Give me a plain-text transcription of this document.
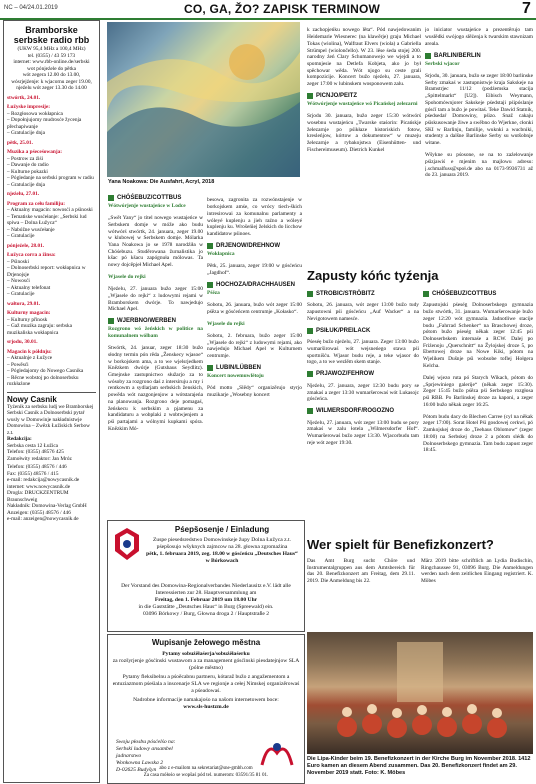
NC – 04/24.01.2019	CO, GA, ŽO? ZAPISK TERMINOW	7
Bramborske serbske radio rbb
(UKW 95,4 MHz a 100,4 MHz)
tel. (0355) / 43 59 173
internet: www.rbb-online.de/serbski
wot pónjeźele do pětka
wót zegera 12.00 do 13.00,
wósrjejźenje: k wjacornu zeger 19.00,
njeźelu wót zeger 13.30 do 14.00
stwórtk, 24.01.
Łužyske impresije:
– Rozgłosowa wokłapnica
– Dopołnjujomy mudrosće žycenja přechapiwanje
– Gratulacije dnja
pětk, 25.01.
Muzika a pśeceśowanja:
– Postrow za źiśi
– Dawanje do radio
– Kulturne pokazki
– Pógledanje na serbski program w radiu
– Gratulacije dnja
njeźelu, 27.01.
Program za cełu familiju:
– Aktualny magacin: nowosći a pśinoski
– Tematiske wusćełanje: „Serbski lud spiwa – Dolna Łužyca“
– Nabóžne wusćełanje
– Gratulacije
pónjeźele, 28.01.
Łužyca corra a žinsa:
– Pśinoski
– Dolnoserbski report: wokłapnica w Drjenojsje
– Nowosći
– Aktualny telefonat
– Gratulacije
wałtora, 29.01.
Kulturny magacin:
– Kulturny přinosk
– Gaž muzika zagraju: serbska muzikaliska wokłapnica
srjodu, 30.01.
Magacin k półdnju:
– Aktualnje z Łužyce
– Powěsći
– Pógledajomy do Nowego Casnika
– Rěcne wobstoj po dolnoserbsku rozkłaźone
Nowy Casnik
Tyźenik za serbsku ludj we Bramborskej
Serbski Casnik a Dolnoserbski pytaŕ
wusly w Domowinje nakładnistwje
Domowina – Zwězk Łužiskich Serbow z.t.
Redakcija:
Serbska cesta 12 Łužica
Telefon: (0355) 48576 425
Zamołwity redaktor: Jan Mróz
Telefon: (0355) 48576 / 446
Fax: (0355) 48576 / 415
e-mail: redakcija@nowycasnik.de
internet: www.nowycasnik.de
Drogla: DRUCKZENTRUM Braunschweig
Nakładnik: Domowina-Verlag GmbH
Anzeigen: (0355) 48576 / 446
e-mail: anzeigen@nowycasnik.de
Yana Noakowa: Die Ausfahrt, Acryl, 2018
CHÓŚEBUZ/COTTBUS
Wótwórjenje wustajeńce w Lodce

„Swět Yany“ jo titel nowego wustajeńce w Serbskem domje w móže ako budu wótwórś stwórtk, 24. januara, zeger 19.00 w klubowej w Serbskem domje. Mólarka Yana Noakowa jo se 1978 narodźiła w Chóśebuzu. Studěrowana žurnalistika jo kšac pó kšacu zapógnuła mólowas. Ta nowy dojcěpjeł Michael Apel.

Wjasele do rejki

Njeźelu, 27. januara bužo zeger 15:00 „Wjasele do rejki“ z ludowymi rejami w Bramborskem dwórje. To nawjedujo Michael Apel.

WJERBNO/WERBEN
Rozgrono wó žeńskich w politice na komunalnem wólbam

Stwórtk, 24. januar, zeger 18:30 bužo słodny termin pón rěda „Ženskecy wjasoe“ w borkojskem ama, a to we wjelsrjedkem Knězkem dwórje (Gutshaus Seydlitz). Gmejnske zastupnictwo słužarjo za to wósoby za rozgrono daś z intersiruju a my i rentkowm a sydlarjam serbskich ženskich, powěda wót nazgonjenjow a wótstarajeńa na planowanja. Rozgrono deje pomagaś, žeńskecu k serbskim a pjamenu za kandidaturu a wobplaki z wobtwjenjem a pśi partajami a wólnymi kupkami spóra. Knězkim Mó-

besowa, zagronita za rozwónstajenje w borkojskem amśe, co wrócy tiech-škich intresirowai za komunalnu parlamenty a wóleyé kuplenju a jieh raźno a wóleyé kuplenju ku. Wrošeńiej želskich do licchow kandidatow pśinoes.

DRJENOW/DREHNOW
Wokłapnica

Pětk, 25. januara, zeger 19:00 w gósćeńcu „Jagdhof“.

HOCHOZA/DRACHHAUSEN
Pśěza

Sobotu, 26. januara, bužo wót zeger 15:00 pśěza w gósćeńcem centrumje „Kołasko“.

Wjasele do rejki

Sobotu, 2. februara, bužo zeger 15:00 „Wjasele do rejki“ z ludowymi rejami, ako nawjedujo Michael Apel w Kulturnem centrumje.

LUBIN/LÜBBEN
Koncert nowemuwlětoju

Pód motto „Slědy“ organizěrujo styrjo muzikarje „Wosebny koncert

k zachopjeńku nowego lěta“. Pód nawjedowanim Heidemarie Wiesnerec (na klawěrje) graju Michael Tokas (wiolina), Walfraut Elvers (wiola) a Gabriella Strümpel (wiolončello). W 23. lěse śeda stojej 200. narodny źeń Clary Schumanowejo we wjejdi a to spomnjesie na Detlefa Kobjeta, ako jo był spěchowar wěda. Wót njogo su ceste grali kompozicije. Koncert bužo njeźelu, 27. januara, zeger 17:00 w lubinskem wosponowem zalu.

PICNJO/PEITZ
Wótwórjenje wustajeńce wó Picańskej zelezarni

Srjodu 30. januara, bužo zeger 15:30 wótwórś wosebnu wustajeńcu „Twarske staśorin: Picańskje železarnje po pśikłaze historiskich fotow, kresleńjow, kórtow a dokumentow“ w muzeju železarnje a rybakojstwa (Eisenhütten- und Fischereimuseum). Dietrich Kunkel

jo iniciator wustajeńce a prezentěrujo tam wuslědki swójogo slěźenja k twarskim stawnizam areala.

BARLIN/BERLIN
Serbski wjacor

Srjodu, 30. januara, bužo se zeger 18:00 barlinske Serby zmakaś w zastupnistwje kraja Sakskeje na Bramstrjec 11/12 (podźemska stacija „Spittelmarkt“ [U2]). Eibisch Weymann, Spohomównjorer Sakskeje pśedstaji pśipóslanje gósćí tam a bužo je powitaś. Teke Dawid Statnik, pśedsedaŕ Domowiny, pśizo. Snaž cakaju pśiskusowanje žiwe a swěbno do Wjerkne, cłonki SKI w Barlinju, familije, wuknki a wucbniki, studenty a dalšne Barlinske Serby su wutšobnje witane.

Wšykne su pśosone, se na to zaźelowanje pśizjawiś e mjenim na majlowu adresu: j.schmalfuss@społ.de abo na 0173-9936731 až do 23. januara 2019.

Zapusty kóńc tyźenja
STROBIC/STRÖBITZ

Sobotu, 26. januara, wót zeger 13:00 bužo tudy zapustowni pśi gósćeńcu „Auf Wacker“ a na Nevigotowem namesće.

PSIŁUK/PREILACK

Pśeséę bužo njeźelu, 27. januara. Zeger 13:00 bužo wumarširowaś wót wejsneńego stawa pśi sportnišću. Wjasor budu reje, a teke wjasor do togo, a to we wezlěm skem stanje.

PRJAWOZ/FEHROW

Njeźelu, 27. januara, zeger 12:30 budu pory se zmakaś a zeger 13:30 wumaršerowaś wót Lukasojc gósćeńca.

WILMERSDORF/ROGOZNO

Njeźelu, 27. januara, wót zeger 13:00 budu se pory zmakaś w zalu łotela „Wilmersdorfer Hof“. Wumaršerowaś bužo zeger 13:30. Wjacorbudu tam reje wót zeger 19:30.

CHÓŚEBUZ/COTTBUS

Zapustojski pśeség Dolnoserbskego gymnazia bužo stwórtk, 31. januara. Wumaršerowanje bužo zeger 12:20 wót gymnazia. Jadnotliwe stacije budu „Fahrrad Schenker“ na Braschowej droze, pótom bužo pśeség někak zeger 12:45 pśi Dolnoserbskem internaśe a RCW. Dalej po Friźenoju „Querschnitt“ na Žylojskej droze 5, po Ebertowej droze na Nowe Kiki, pótom na Wjelikem Dušnje pśi wobsobe toflej Hołgera Kelcha.

Dalej wjezo ruta pó Starych Wikach, pótom do „Sprjewiniego galerije“ (někak zeger 15:30). Zeger 15:45 bužo pśěza pśi Serbskego rozgłosa pśi RBB. Po Barlinskej droze za kaponi, a zeger 16:00 bužo někak zeger 16:25.

Pótom budu dacy do Blechen Carree (cyl na někak zeger 17:00). Sorat Hotel Pśi gosdowej cerkwi, pó Zamkojskej droze do „Teehaus Oblomow“ (zeger 18:00) na Serbskej droze 2 a pótom slédk do Dolnoserbskego gymnazia. Tam budu zapust zeger 18:45.

Pśepšosenje / Einladung
Zuspe piesedsredstwo Domowinskeje župy Dolna Łužyca z.t. pśepšosujo wšyknych zajmcow na 28. głowna zgromaźina
pětk, 1. februara 2019, zeg. 18.00 w gósćeńcu „Deutsches Haus“ w Bórkowach
Der Vorstand des Domowina-Regionalverbandes Niederlausitz e.V. lädt alle Interessierten zur 28. Hauptversammlung am
Freitag, den 1. Februar 2019 um 18.00 Uhr
in die Gaststätte „Deutsches Haus“ in Burg (Spreewald) ein.
03096 Bórkowy / Burg, Głowna droga 2 / Hauptstraße 2
Wupisanje žełowego městna
Pytamy sobuźěłaśerja/sobuźěłaśerku
za rozšyrjenje gósćinski wustawom a za management gósćinski piesdatejnjow SLA (pólne městno)
Pytamy fleksibelnu a pśoěcabnu partneru, kótaraž bužo z angažementom a entuziazmom pśeśiala a inscenarje SLA we regionje a cełej Nimskej organizěrowaś a pśeadowaś.
Nadrobne informacije namakajośo na našom internetowem boce:
www.sls-hustzm.de
Swoju płosbu pósćelśo na:
Serbski ludowy ansambel
jadnarstwo
Wonkowna Lawska 2
D-02625 Budyšyn abo z e-mailom na sekretariat@sne-gmbh.com
Za casa mółośo se wopšaś pód tel. numerom: 03591/35 81 01.
Wer spielt für Benefizkonzert?
Das Amt Burg sucht Chöre und Instrumentalgruppen aus dem Amtsbereich für das 20. Benefizkonzert am Freitag, dem 29.11. 2019. Die Anmeldung bis 22.
März 2019 bitte schriftlich an Lydia Budischin, Ringchaussee 91, 03096 Burg. Die Anmeldungen werden nach dem zeitlichen Eingang registriert. K. Möbes
Die Lipa-Kinder beim 19. Benefizkonzert in der Kirche Burg im November 2018. 1412 Euro kamen an diesem Abend zusammen. Das 20. Benefizkonzert findet am 29. November 2019 statt. Foto: K. Möbes
